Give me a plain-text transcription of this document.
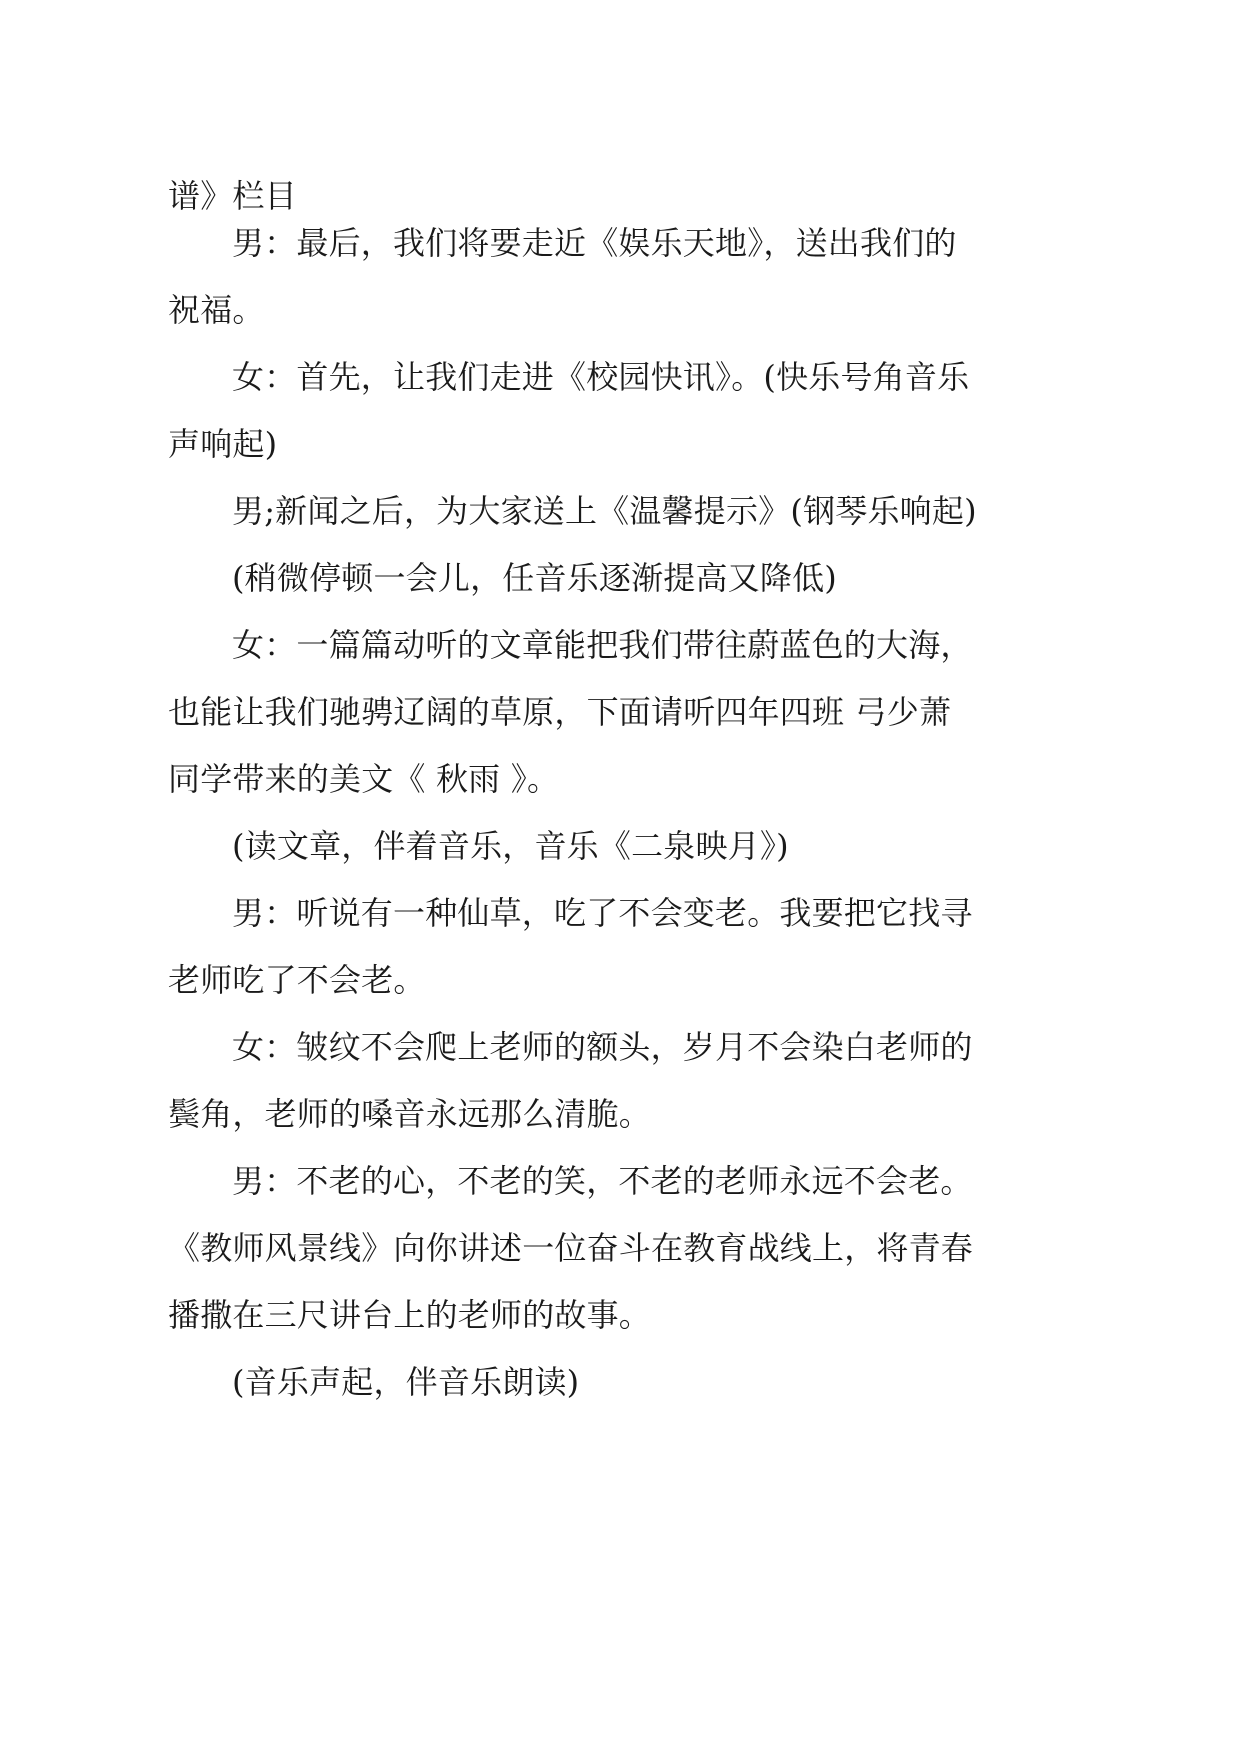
谱》栏目
男：最后，我们将要走近《娱乐天地》，送出我们的
祝福。
女：首先，让我们走进《校园快讯》。(快乐号角音乐
声响起)
男;新闻之后，为大家送上《温馨提示》(钢琴乐响起)
(稍微停顿一会儿，任音乐逐渐提高又降低)
女：一篇篇动听的文章能把我们带往蔚蓝色的大海，
也能让我们驰骋辽阔的草原，下面请听四年四班 弓少萧
同学带来的美文《 秋雨 》。
(读文章，伴着音乐，音乐《二泉映月》)
男：听说有一种仙草，吃了不会变老。我要把它找寻
老师吃了不会老。
女：皱纹不会爬上老师的额头，岁月不会染白老师的
鬓角，老师的嗓音永远那么清脆。
男：不老的心，不老的笑，不老的老师永远不会老。
《教师风景线》向你讲述一位奋斗在教育战线上，将青春
播撒在三尺讲台上的老师的故事。
(音乐声起，伴音乐朗读)
